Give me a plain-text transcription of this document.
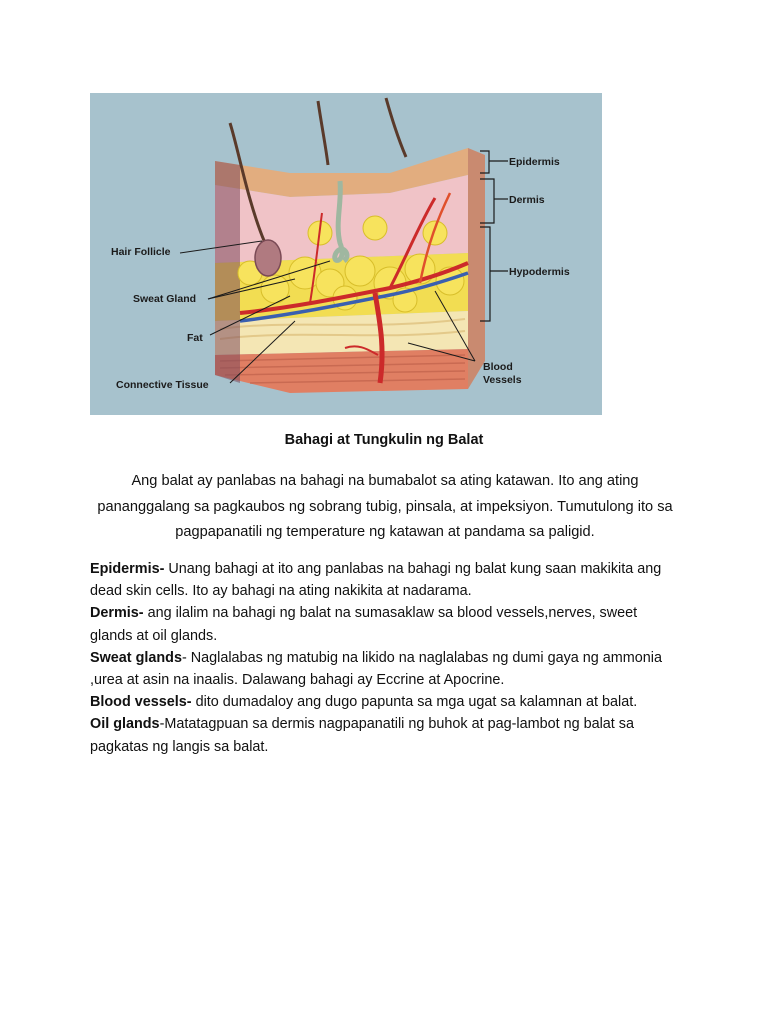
Epidermis
Dermis
Hypodermis
Hair Follicle
Sweat Gland
Fat
Connective Tissue
Blood
Vessels
Bahagi at Tungkulin ng Balat

Ang balat ay panlabas na bahagi na bumabalot sa ating katawan. Ito ang ating pananggalang sa pagkaubos ng sobrang tubig, pinsala, at impeksiyon. Tumutulong ito sa pagpapanatili ng temperature ng katawan at pandama sa paligid.

Epidermis- Unang bahagi at ito ang panlabas na bahagi ng balat kung saan makikita ang dead skin cells. Ito ay bahagi na ating nakikita at nadarama.

Dermis- ang ilalim na bahagi ng balat na sumasaklaw sa blood vessels,nerves, sweet glands at oil glands.

Sweat glands- Naglalabas ng matubig na likido na naglalabas ng dumi gaya ng ammonia ,urea at asin na inaalis. Dalawang bahagi ay Eccrine at Apocrine.

Blood vessels- dito dumadaloy ang dugo papunta sa mga ugat sa kalamnan at balat.

Oil glands-Matatagpuan sa dermis nagpapanatili ng buhok at pag-lambot ng balat sa pagkatas ng langis sa balat.
